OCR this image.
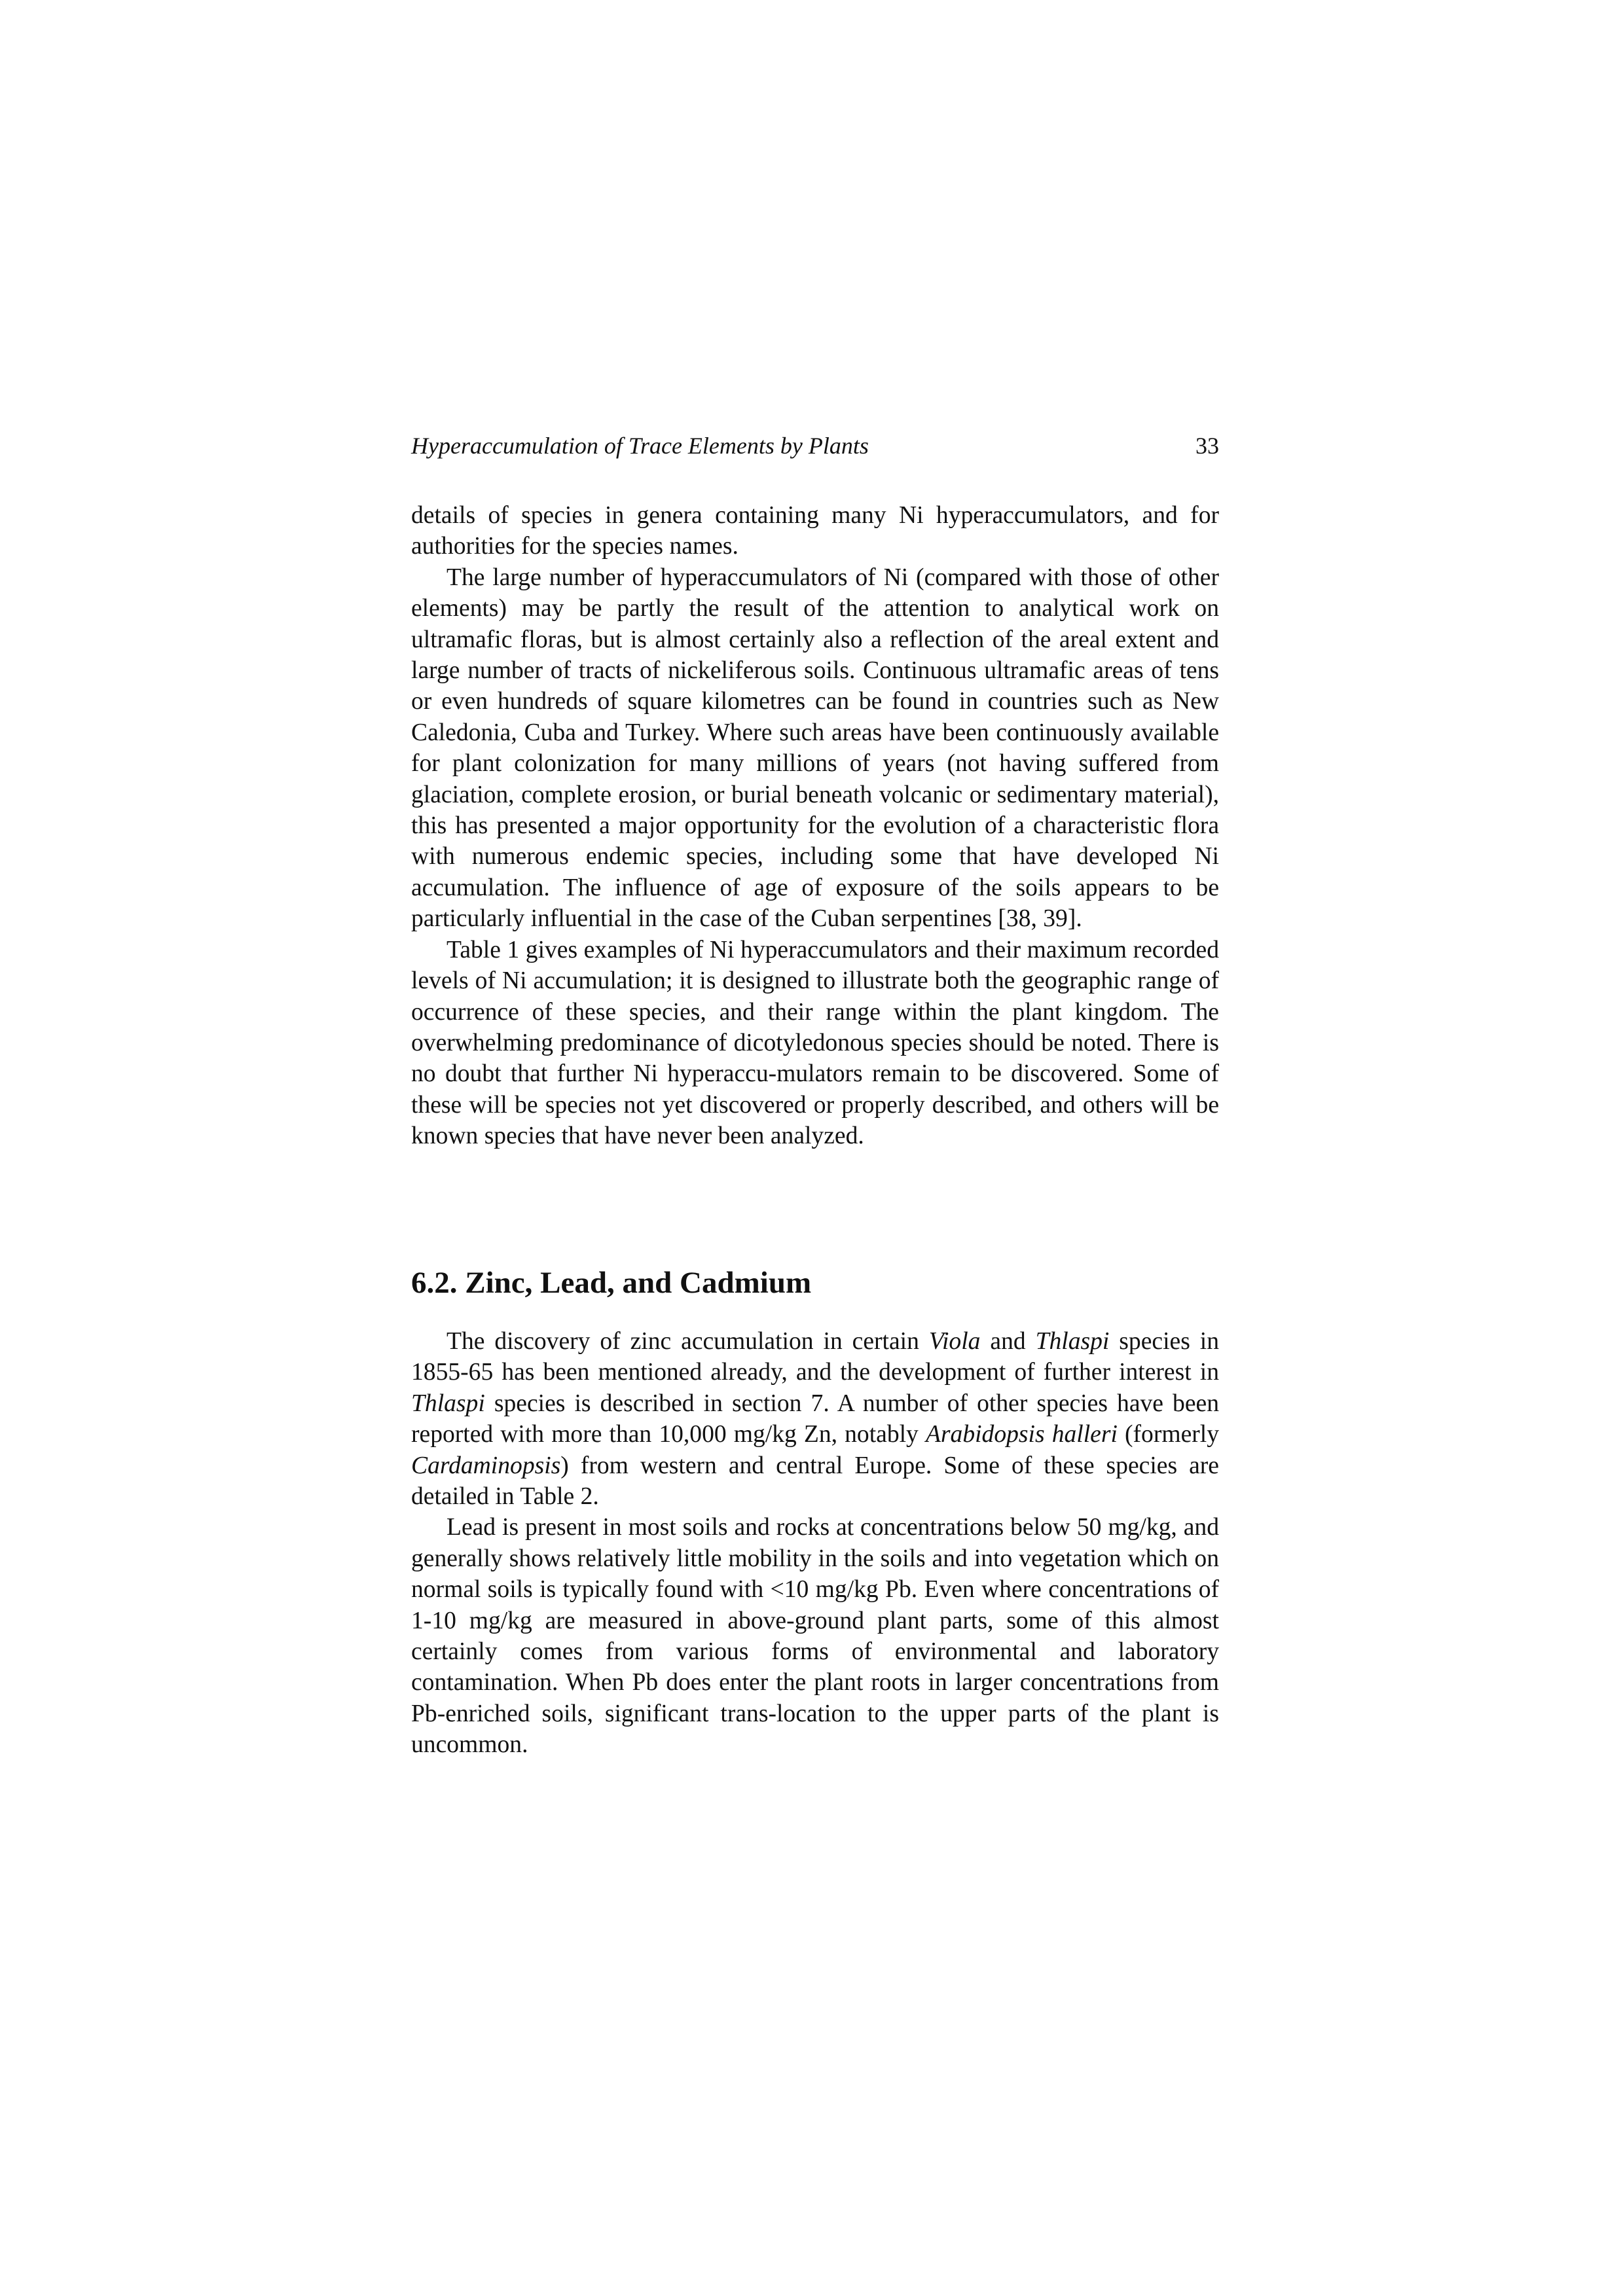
Hyperaccumulation of Trace Elements by Plants	33

details of species in genera containing many Ni hyperaccumulators, and for authorities for the species names.

The large number of hyperaccumulators of Ni (compared with those of other elements) may be partly the result of the attention to analytical work on ultramafic floras, but is almost certainly also a reflection of the areal extent and large number of tracts of nickeliferous soils. Continuous ultramafic areas of tens or even hundreds of square kilometres can be found in countries such as New Caledonia, Cuba and Turkey. Where such areas have been continuously available for plant colonization for many millions of years (not having suffered from glaciation, complete erosion, or burial beneath volcanic or sedimentary material), this has presented a major opportunity for the evolution of a characteristic flora with numerous endemic species, including some that have developed Ni accumulation. The influence of age of exposure of the soils appears to be particularly influential in the case of the Cuban serpentines [38, 39].

Table 1 gives examples of Ni hyperaccumulators and their maximum recorded levels of Ni accumulation; it is designed to illustrate both the geographic range of occurrence of these species, and their range within the plant kingdom. The overwhelming predominance of dicotyledonous species should be noted. There is no doubt that further Ni hyperaccu-mulators remain to be discovered. Some of these will be species not yet discovered or properly described, and others will be known species that have never been analyzed.

6.2. Zinc, Lead, and Cadmium

The discovery of zinc accumulation in certain Viola and Thlaspi species in 1855-65 has been mentioned already, and the development of further interest in Thlaspi species is described in section 7. A number of other species have been reported with more than 10,000 mg/kg Zn, notably Arabidopsis halleri (formerly Cardaminopsis) from western and central Europe. Some of these species are detailed in Table 2.

Lead is present in most soils and rocks at concentrations below 50 mg/kg, and generally shows relatively little mobility in the soils and into vegetation which on normal soils is typically found with <10 mg/kg Pb. Even where concentrations of 1-10 mg/kg are measured in above-ground plant parts, some of this almost certainly comes from various forms of environmental and laboratory contamination. When Pb does enter the plant roots in larger concentrations from Pb-enriched soils, significant trans-location to the upper parts of the plant is uncommon.
